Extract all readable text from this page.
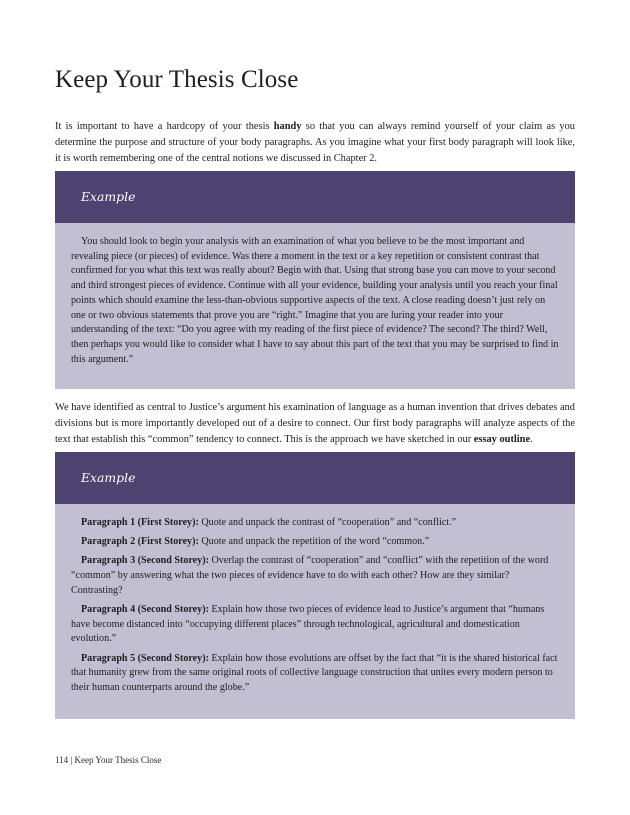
Keep Your Thesis Close

It is important to have a hardcopy of your thesis handy so that you can always remind yourself of your claim as you determine the purpose and structure of your body paragraphs. As you imagine what your first body paragraph will look like, it is worth remembering one of the central notions we discussed in Chapter 2.

Example

You should look to begin your analysis with an examination of what you believe to be the most important and revealing piece (or pieces) of evidence. Was there a moment in the text or a key repetition or consistent contrast that confirmed for you what this text was really about? Begin with that. Using that strong base you can move to your second and third strongest pieces of evidence. Continue with all your evidence, building your analysis until you reach your final points which should examine the less-than-obvious supportive aspects of the text. A close reading doesn’t just rely on one or two obvious statements that prove you are “right.” Imagine that you are luring your reader into your understanding of the text: “Do you agree with my reading of the first piece of evidence? The second? The third? Well, then perhaps you would like to consider what I have to say about this part of the text that you may be surprised to find in this argument.”

We have identified as central to Justice’s argument his examination of language as a human invention that drives debates and divisions but is more importantly developed out of a desire to connect. Our first body paragraphs will analyze aspects of the text that establish this “common” tendency to connect. This is the approach we have sketched in our essay outline.

Example

Paragraph 1 (First Storey): Quote and unpack the contrast of “cooperation” and “conflict.”

Paragraph 2 (First Storey): Quote and unpack the repetition of the word “common.”

Paragraph 3 (Second Storey): Overlap the contrast of “cooperation” and “conflict” with the repetition of the word “common” by answering what the two pieces of evidence have to do with each other? How are they similar? Contrasting?

Paragraph 4 (Second Storey): Explain how those two pieces of evidence lead to Justice’s argument that “humans have become distanced into “occupying different places” through technological, agricultural and domestication evolution.”

Paragraph 5 (Second Storey): Explain how those evolutions are offset by the fact that “it is the shared historical fact that humanity grew from the same original roots of collective language construction that unites every modern person to their human counterparts around the globe.”

114 | Keep Your Thesis Close
